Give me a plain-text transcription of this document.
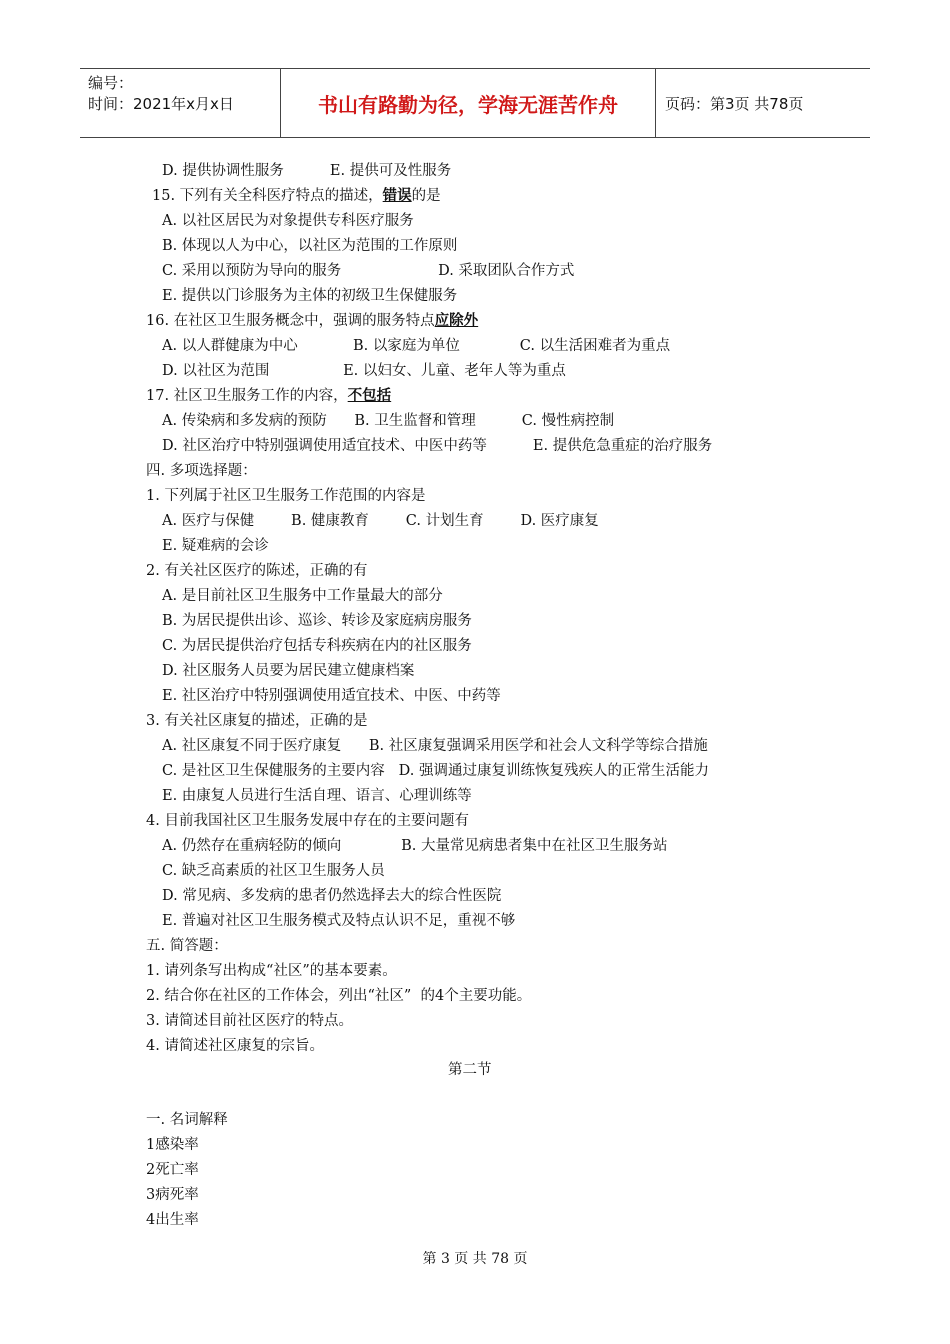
编号：
时间：2021年x月x日	书山有路勤为径，学海无涯苦作舟	页码：第3页 共78页
D. 提供协调性服务          E. 提供可及性服务
15. 下列有关全科医疗特点的描述，错误的是
A. 以社区居民为对象提供专科医疗服务
B. 体现以人为中心，以社区为范围的工作原则
C. 采用以预防为导向的服务                     D. 采取团队合作方式
E. 提供以门诊服务为主体的初级卫生保健服务
16. 在社区卫生服务概念中，强调的服务特点应除外
A. 以人群健康为中心            B. 以家庭为单位             C. 以生活困难者为重点
D. 以社区为范围                E. 以妇女、儿童、老年人等为重点
17. 社区卫生服务工作的内容，不包括
A. 传染病和多发病的预防      B. 卫生监督和管理          C. 慢性病控制
D. 社区治疗中特别强调使用适宜技术、中医中药等          E. 提供危急重症的治疗服务
四. 多项选择题：
1. 下列属于社区卫生服务工作范围的内容是
A. 医疗与保健        B. 健康教育        C. 计划生育        D. 医疗康复
E. 疑难病的会诊
2. 有关社区医疗的陈述，正确的有
A. 是目前社区卫生服务中工作量最大的部分
B. 为居民提供出诊、巡诊、转诊及家庭病房服务
C. 为居民提供治疗包括专科疾病在内的社区服务
D. 社区服务人员要为居民建立健康档案
E. 社区治疗中特别强调使用适宜技术、中医、中药等
3. 有关社区康复的描述，正确的是
A. 社区康复不同于医疗康复      B. 社区康复强调采用医学和社会人文科学等综合措施
C. 是社区卫生保健服务的主要内容   D. 强调通过康复训练恢复残疾人的正常生活能力
E. 由康复人员进行生活自理、语言、心理训练等
4. 目前我国社区卫生服务发展中存在的主要问题有
A. 仍然存在重病轻防的倾向             B. 大量常见病患者集中在社区卫生服务站
C. 缺乏高素质的社区卫生服务人员
D. 常见病、多发病的患者仍然选择去大的综合性医院
E. 普遍对社区卫生服务模式及特点认识不足，重视不够
五. 简答题：
1. 请列条写出构成“社区”的基本要素。
2. 结合你在社区的工作体会，列出“社区”  的4个主要功能。
3. 请简述目前社区医疗的特点。
4. 请简述社区康复的宗旨。
第二节
一. 名词解释
1感染率
2死亡率
3病死率
4出生率
第 3 页 共 78 页
